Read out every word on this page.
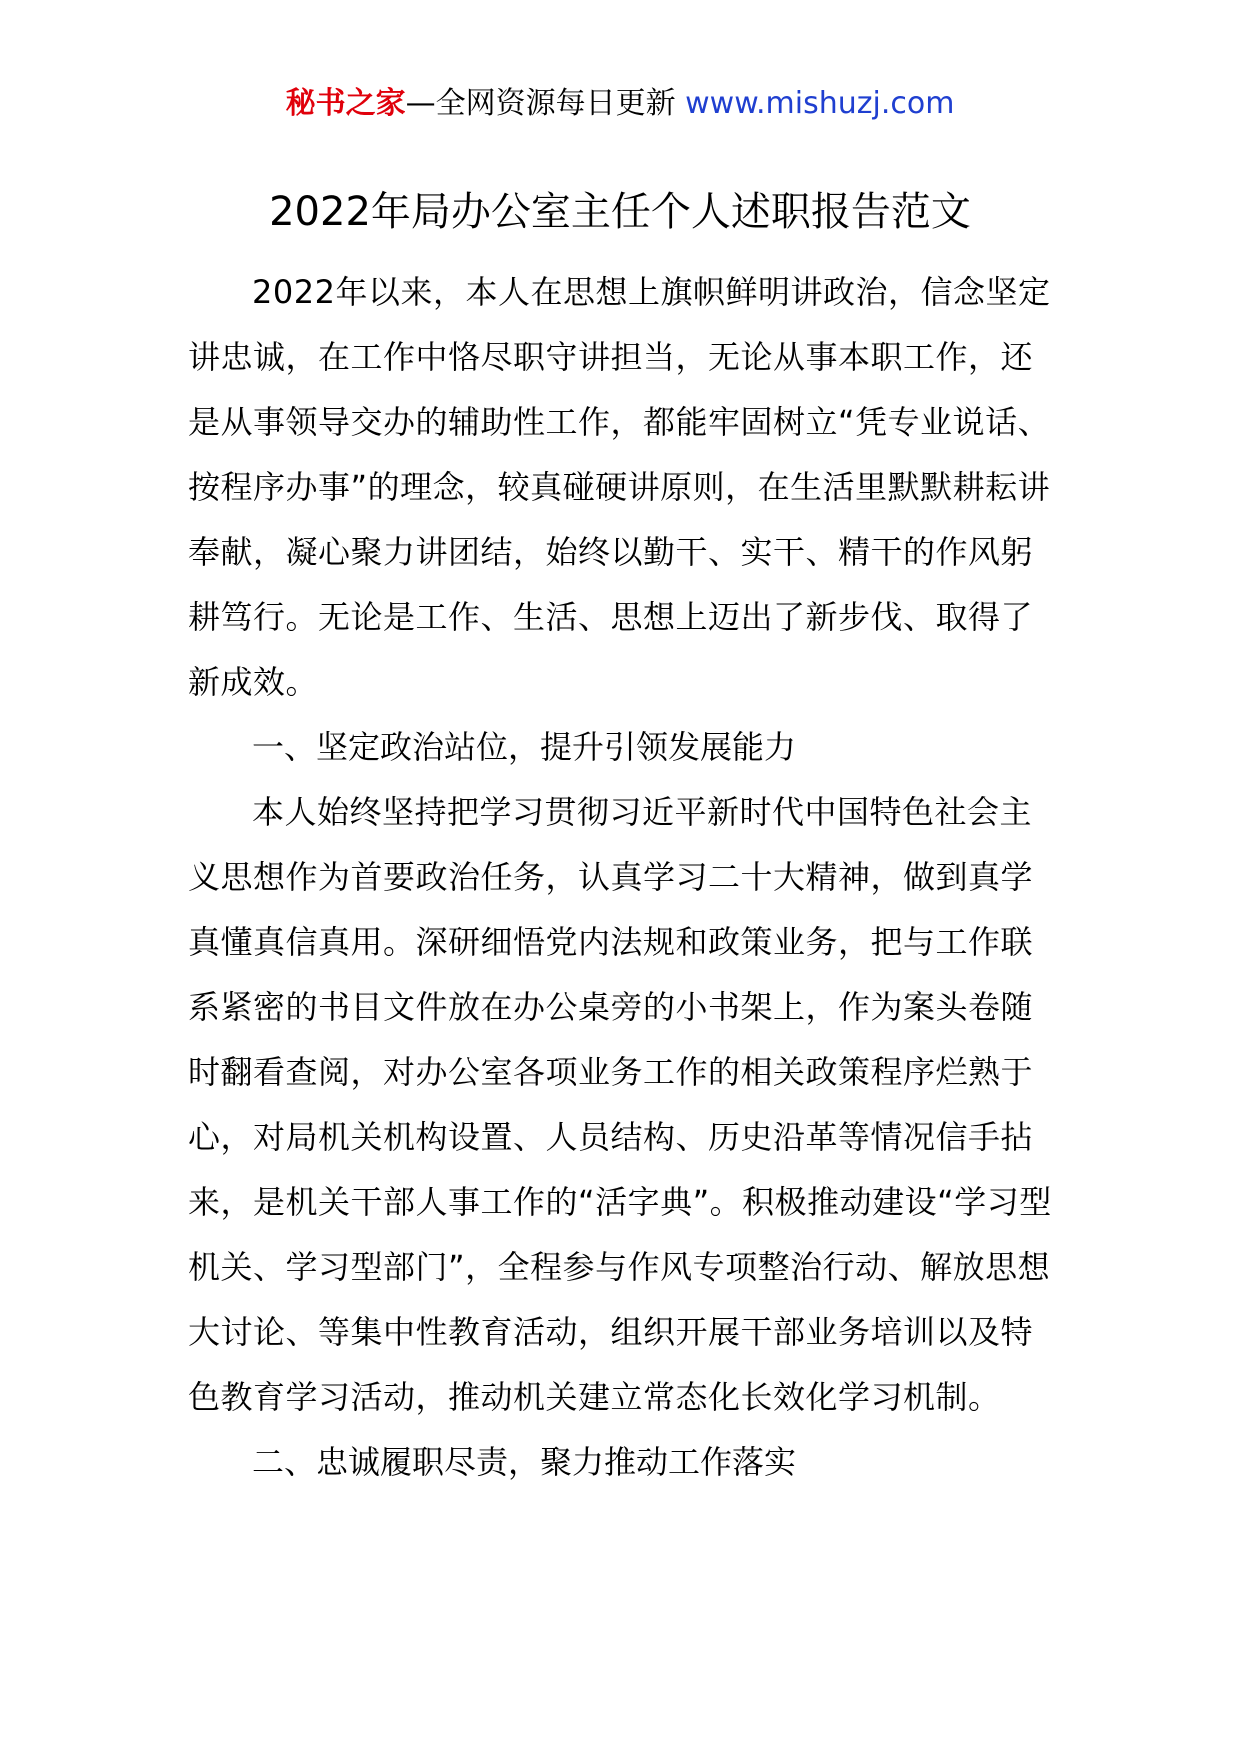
秘书之家—全网资源每日更新 www.mishuzj.com
2022年局办公室主任个人述职报告范文

2022年以来，本人在思想上旗帜鲜明讲政治，信念坚定讲忠诚，在工作中恪尽职守讲担当，无论从事本职工作，还是从事领导交办的辅助性工作，都能牢固树立“凭专业说话、按程序办事”的理念，较真碰硬讲原则，在生活里默默耕耘讲奉献，凝心聚力讲团结，始终以勤干、实干、精干的作风躬耕笃行。无论是工作、生活、思想上迈出了新步伐、取得了新成效。

一、坚定政治站位，提升引领发展能力

本人始终坚持把学习贯彻习近平新时代中国特色社会主义思想作为首要政治任务，认真学习二十大精神，做到真学真懂真信真用。深研细悟党内法规和政策业务，把与工作联系紧密的书目文件放在办公桌旁的小书架上，作为案头卷随时翻看查阅，对办公室各项业务工作的相关政策程序烂熟于心，对局机关机构设置、人员结构、历史沿革等情况信手拈来，是机关干部人事工作的“活字典”。积极推动建设“学习型机关、学习型部门”，全程参与作风专项整治行动、解放思想大讨论、等集中性教育活动，组织开展干部业务培训以及特色教育学习活动，推动机关建立常态化长效化学习机制。

二、忠诚履职尽责，聚力推动工作落实
